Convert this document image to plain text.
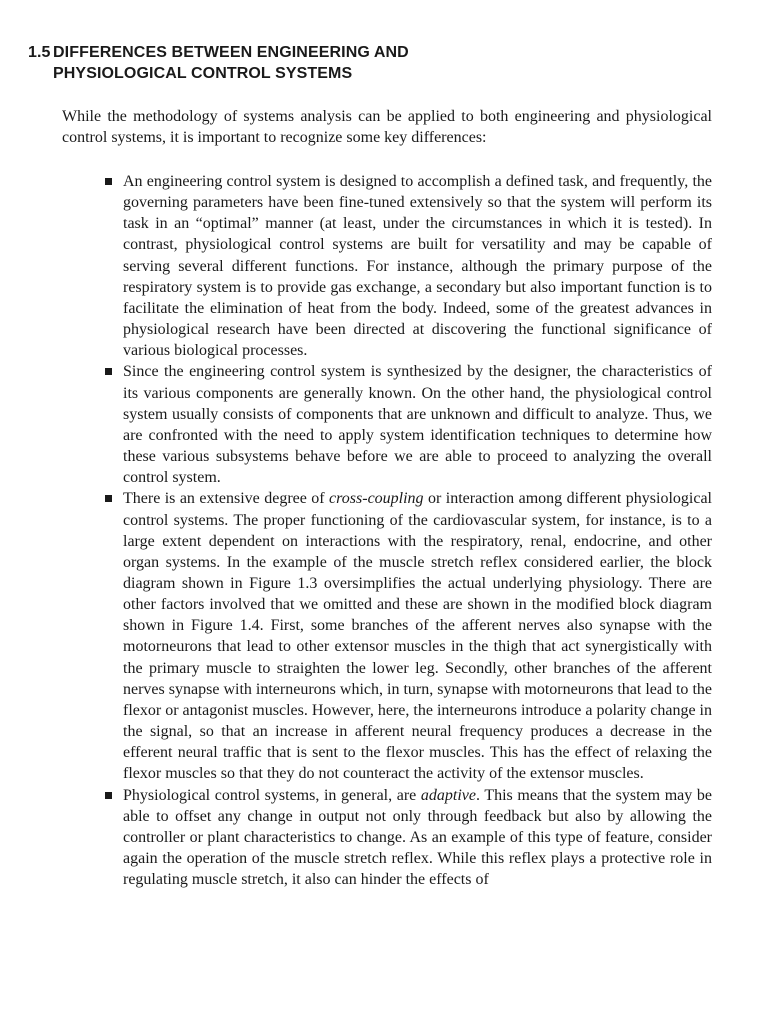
1.5 DIFFERENCES BETWEEN ENGINEERING AND
PHYSIOLOGICAL CONTROL SYSTEMS

While the methodology of systems analysis can be applied to both engineering and physiological control systems, it is important to recognize some key differences:

An engineering control system is designed to accomplish a defined task, and frequently, the governing parameters have been fine-tuned extensively so that the system will perform its task in an “optimal” manner (at least, under the circumstances in which it is tested). In contrast, physiological control systems are built for versatility and may be capable of serving several different functions. For instance, although the primary purpose of the respiratory system is to provide gas exchange, a secondary but also important function is to facilitate the elimination of heat from the body. Indeed, some of the greatest advances in physiological research have been directed at discovering the functional significance of various biological processes.
Since the engineering control system is synthesized by the designer, the characteristics of its various components are generally known. On the other hand, the physiological control system usually consists of components that are unknown and difficult to analyze. Thus, we are confronted with the need to apply system identification techniques to determine how these various subsystems behave before we are able to proceed to analyzing the overall control system.
There is an extensive degree of cross-coupling or interaction among different physiological control systems. The proper functioning of the cardiovascular system, for instance, is to a large extent dependent on interactions with the respiratory, renal, endocrine, and other organ systems. In the example of the muscle stretch reflex considered earlier, the block diagram shown in Figure 1.3 oversimplifies the actual underlying physiology. There are other factors involved that we omitted and these are shown in the modified block diagram shown in Figure 1.4. First, some branches of the afferent nerves also synapse with the motorneurons that lead to other extensor muscles in the thigh that act synergistically with the primary muscle to straighten the lower leg. Secondly, other branches of the afferent nerves synapse with interneurons which, in turn, synapse with motorneurons that lead to the flexor or antagonist muscles. However, here, the interneurons introduce a polarity change in the signal, so that an increase in afferent neural frequency produces a decrease in the efferent neural traffic that is sent to the flexor muscles. This has the effect of relaxing the flexor muscles so that they do not counteract the activity of the extensor muscles.
Physiological control systems, in general, are adaptive. This means that the system may be able to offset any change in output not only through feedback but also by allowing the controller or plant characteristics to change. As an example of this type of feature, consider again the operation of the muscle stretch reflex. While this reflex plays a protective role in regulating muscle stretch, it also can hinder the effects of
